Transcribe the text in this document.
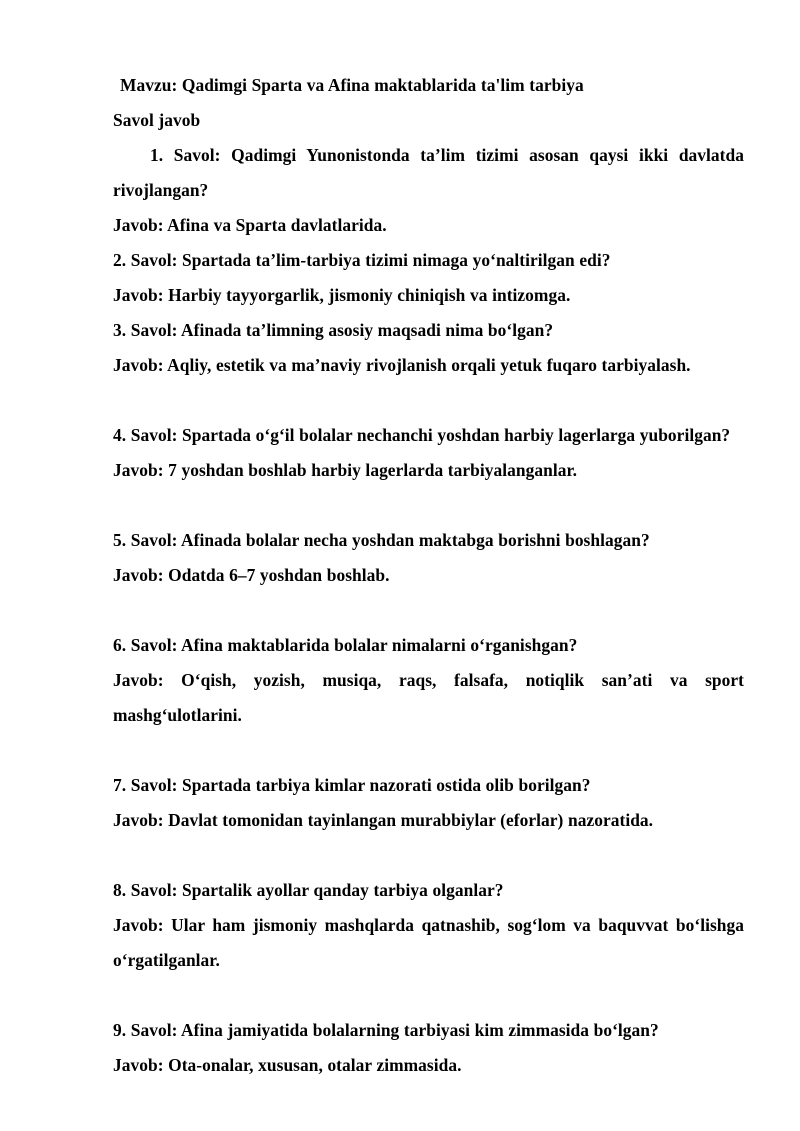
Mavzu: Qadimgi Sparta va Afina maktablarida ta'lim tarbiya

Savol javob

1. Savol: Qadimgi Yunonistonda ta’lim tizimi asosan qaysi ikki davlatda rivojlangan?

Javob: Afina va Sparta davlatlarida.

2. Savol: Spartada ta’lim-tarbiya tizimi nimaga yo‘naltirilgan edi?

Javob: Harbiy tayyorgarlik, jismoniy chiniqish va intizomga.

3. Savol: Afinada ta’limning asosiy maqsadi nima bo‘lgan?

Javob: Aqliy, estetik va ma’naviy rivojlanish orqali yetuk fuqaro tarbiyalash.

4. Savol: Spartada o‘g‘il bolalar nechanchi yoshdan harbiy lagerlarga yuborilgan?

Javob: 7 yoshdan boshlab harbiy lagerlarda tarbiyalanganlar.

5. Savol: Afinada bolalar necha yoshdan maktabga borishni boshlagan?

Javob: Odatda 6–7 yoshdan boshlab.

6. Savol: Afina maktablarida bolalar nimalarni o‘rganishgan?

Javob: O‘qish, yozish, musiqa, raqs, falsafa, notiqlik san’ati va sport mashg‘ulotlarini.

7. Savol: Spartada tarbiya kimlar nazorati ostida olib borilgan?

Javob: Davlat tomonidan tayinlangan murabbiylar (eforlar) nazoratida.

8. Savol: Spartalik ayollar qanday tarbiya olganlar?

Javob: Ular ham jismoniy mashqlarda qatnashib, sog‘lom va baquvvat bo‘lishga o‘rgatilganlar.

9. Savol: Afina jamiyatida bolalarning tarbiyasi kim zimmasida bo‘lgan?

Javob: Ota-onalar, xususan, otalar zimmasida.
